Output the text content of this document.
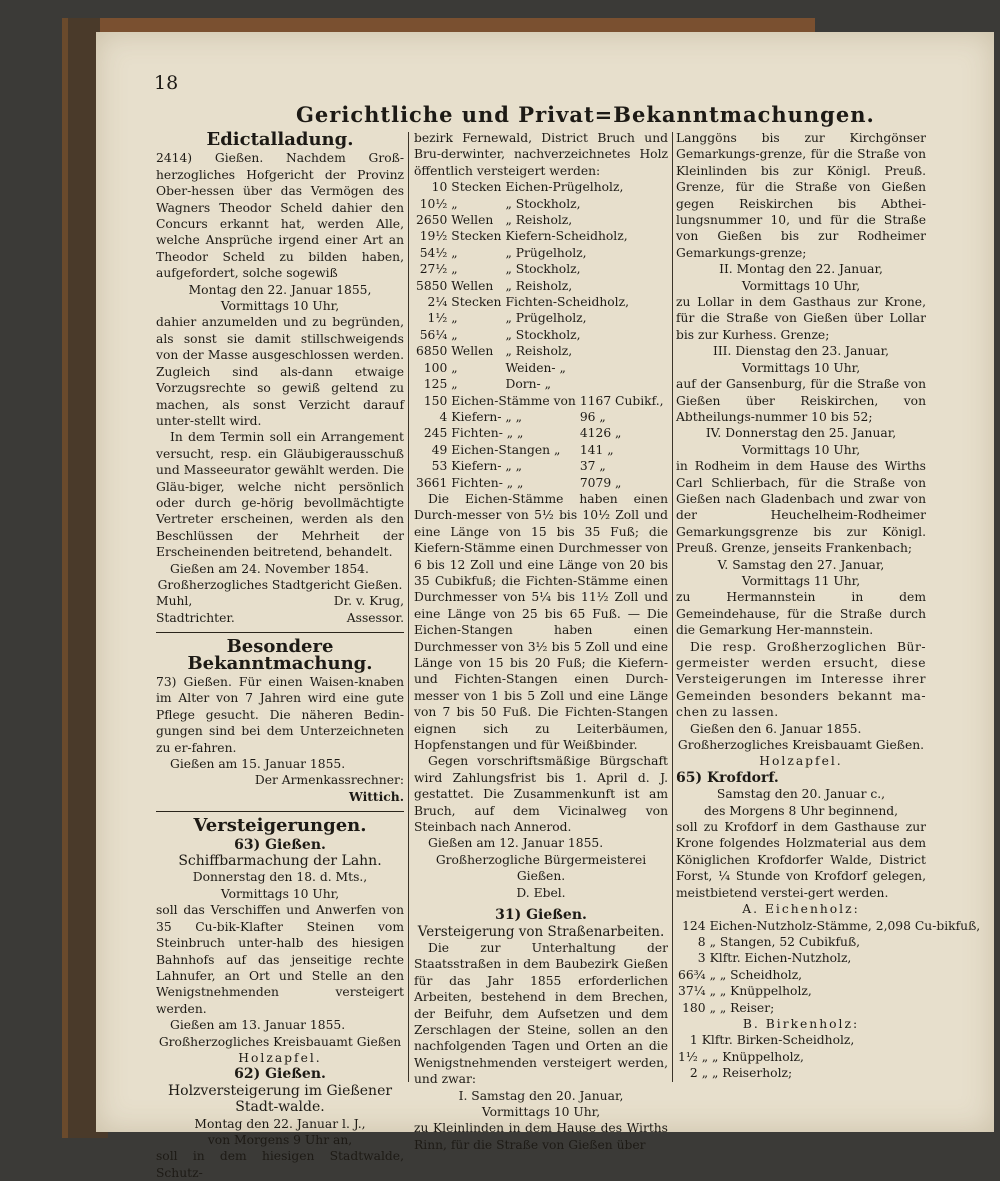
18
Gerichtliche und Privat=Bekanntmachungen.
Edictalladung.

2414) Gießen. Nachdem Groß-herzogliches Hofgericht der Provinz Ober-hessen über das Vermögen des Wagners Theodor Scheld dahier den Concurs erkannt hat, werden Alle, welche Ansprüche irgend einer Art an Theodor Scheld zu bilden haben, aufgefordert, solche sogewiß

Montag den 22. Januar 1855,

Vormittags 10 Uhr,

dahier anzumelden und zu begründen, als sonst sie damit stillschweigends von der Masse ausgeschlossen werden. Zugleich sind als-dann etwaige Vorzugsrechte so gewiß geltend zu machen, als sonst Verzicht darauf unter-stellt wird.

In dem Termin soll ein Arrangement versucht, resp. ein Gläubigerausschuß und Masseeurator gewählt werden. Die Gläu-biger, welche nicht persönlich oder durch ge-hörig bevollmächtigte Vertreter erscheinen, werden als den Beschlüssen der Mehrheit der Erscheinenden beitretend, behandelt.

Gießen am 24. November 1854.

Großherzogliches Stadtgericht Gießen.

Muhl,	Dr. v. Krug,
Stadtrichter.	Assessor.
Besondere Bekanntmachung.

73) Gießen. Für einen Waisen-knaben im Alter von 7 Jahren wird eine gute Pflege gesucht. Die näheren Bedin-gungen sind bei dem Unterzeichneten zu er-fahren.

Gießen am 15. Januar 1855.

Der Armenkassrechner:

Wittich.

Versteigerungen.

63) Gießen.

Schiffbarmachung der Lahn.

Donnerstag den 18. d. Mts.,

Vormittags 10 Uhr,

soll das Verschiffen und Anwerfen von 35 Cu-bik-Klafter Steinen vom Steinbruch unter-halb des hiesigen Bahnhofs auf das jenseitige rechte Lahnufer, an Ort und Stelle an den Wenigstnehmenden versteigert werden.

Gießen am 13. Januar 1855.

Großherzogliches Kreisbauamt Gießen

Holzapfel.

62) Gießen.

Holzversteigerung im Gießener Stadt-walde.

Montag den 22. Januar l. J.,

von Morgens 9 Uhr an,

soll in dem hiesigen Stadtwalde, Schutz-

bezirk Fernewald, District Bruch und Bru-derwinter, nachverzeichnetes Holz öffentlich versteigert werden:

10	Stecken	Eichen-Prügelholz,
10½	„	„ Stockholz,
2650	Wellen	„ Reisholz,
19½	Stecken	Kiefern-Scheidholz,
54½	„	„ Prügelholz,
27½	„	„ Stockholz,
5850	Wellen	„ Reisholz,
2¼	Stecken	Fichten-Scheidholz,
1½	„	„ Prügelholz,
56¼	„	„ Stockholz,
6850	Wellen	„ Reisholz,
100	„	Weiden- „
125	„	Dorn- „
150	Eichen-Stämme von	1167 Cubikf.,
4	Kiefern- „ „	96 „
245	Fichten- „ „	4126 „
49	Eichen-Stangen „	141 „
53	Kiefern- „ „	37 „
3661	Fichten- „ „	7079 „

Die Eichen-Stämme haben einen Durch-messer von 5½ bis 10½ Zoll und eine Länge von 15 bis 35 Fuß; die Kiefern-Stämme einen Durchmesser von 6 bis 12 Zoll und eine Länge von 20 bis 35 Cubikfuß; die Fichten-Stämme einen Durchmesser von 5¼ bis 11½ Zoll und eine Länge von 25 bis 65 Fuß. — Die Eichen-Stangen haben einen Durchmesser von 3½ bis 5 Zoll und eine Länge von 15 bis 20 Fuß; die Kiefern- und Fichten-Stangen einen Durch-messer von 1 bis 5 Zoll und eine Länge von 7 bis 50 Fuß. Die Fichten-Stangen eignen sich zu Leiterbäumen, Hopfenstangen und für Weißbinder.

Gegen vorschriftsmäßige Bürgschaft wird Zahlungsfrist bis 1. April d. J. gestattet. Die Zusammenkunft ist am Bruch, auf dem Vicinalweg von Steinbach nach Annerod.

Gießen am 12. Januar 1855.

Großherzogliche Bürgermeisterei Gießen.

D. Ebel.

31) Gießen.

Versteigerung von Straßenarbeiten.

Die zur Unterhaltung der Staatsstraßen in dem Baubezirk Gießen für das Jahr 1855 erforderlichen Arbeiten, bestehend in dem Brechen, der Beifuhr, dem Aufsetzen und dem Zerschlagen der Steine, sollen an den nachfolgenden Tagen und Orten an die Wenigstnehmenden versteigert werden, und zwar:

I. Samstag den 20. Januar,

Vormittags 10 Uhr,

zu Kleinlinden in dem Hause des Wirths Rinn, für die Straße von Gießen über

Langgöns bis zur Kirchgönser Gemarkungs-grenze, für die Straße von Kleinlinden bis zur Königl. Preuß. Grenze, für die Straße von Gießen gegen Reiskirchen bis Abthei-lungsnummer 10, und für die Straße von Gießen bis zur Rodheimer Gemarkungs-grenze;

II. Montag den 22. Januar,

Vormittags 10 Uhr,

zu Lollar in dem Gasthaus zur Krone, für die Straße von Gießen über Lollar bis zur Kurhess. Grenze;

III. Dienstag den 23. Januar,

Vormittags 10 Uhr,

auf der Gansenburg, für die Straße von Gießen über Reiskirchen, von Abtheilungs-nummer 10 bis 52;

IV. Donnerstag den 25. Januar,

Vormittags 10 Uhr,

in Rodheim in dem Hause des Wirths Carl Schlierbach, für die Straße von Gießen nach Gladenbach und zwar von der Heuchelheim-Rodheimer Gemarkungsgrenze bis zur Königl. Preuß. Grenze, jenseits Frankenbach;

V. Samstag den 27. Januar,

Vormittags 11 Uhr,

zu Hermannstein in dem Gemeindehause, für die Straße durch die Gemarkung Her-mannstein.

Die resp. Großherzoglichen Bür-germeister werden ersucht, diese Versteigerungen im Interesse ihrer Gemeinden besonders bekannt ma-chen zu lassen.

Gießen den 6. Januar 1855.

Großherzogliches Kreisbauamt Gießen.

Holzapfel.

65) Krofdorf.

Samstag den 20. Januar c.,

des Morgens 8 Uhr beginnend,

soll zu Krofdorf in dem Gasthause zur Krone folgendes Holzmaterial aus dem Königlichen Krofdorfer Walde, District Forst, ¼ Stunde von Krofdorf gelegen, meistbietend verstei-gert werden.

A. Eichenholz:

124	Eichen-Nutzholz-Stämme, 2,098 Cu-bikfuß,
8	„ Stangen, 52 Cubikfuß,
3	Klftr. Eichen-Nutzholz,
66¾	„ „ Scheidholz,
37¼	„ „ Knüppelholz,
180	„ „ Reiser;

B. Birkenholz:

1	Klftr. Birken-Scheidholz,
1½	„ „ Knüppelholz,
2	„ „ Reiserholz;
